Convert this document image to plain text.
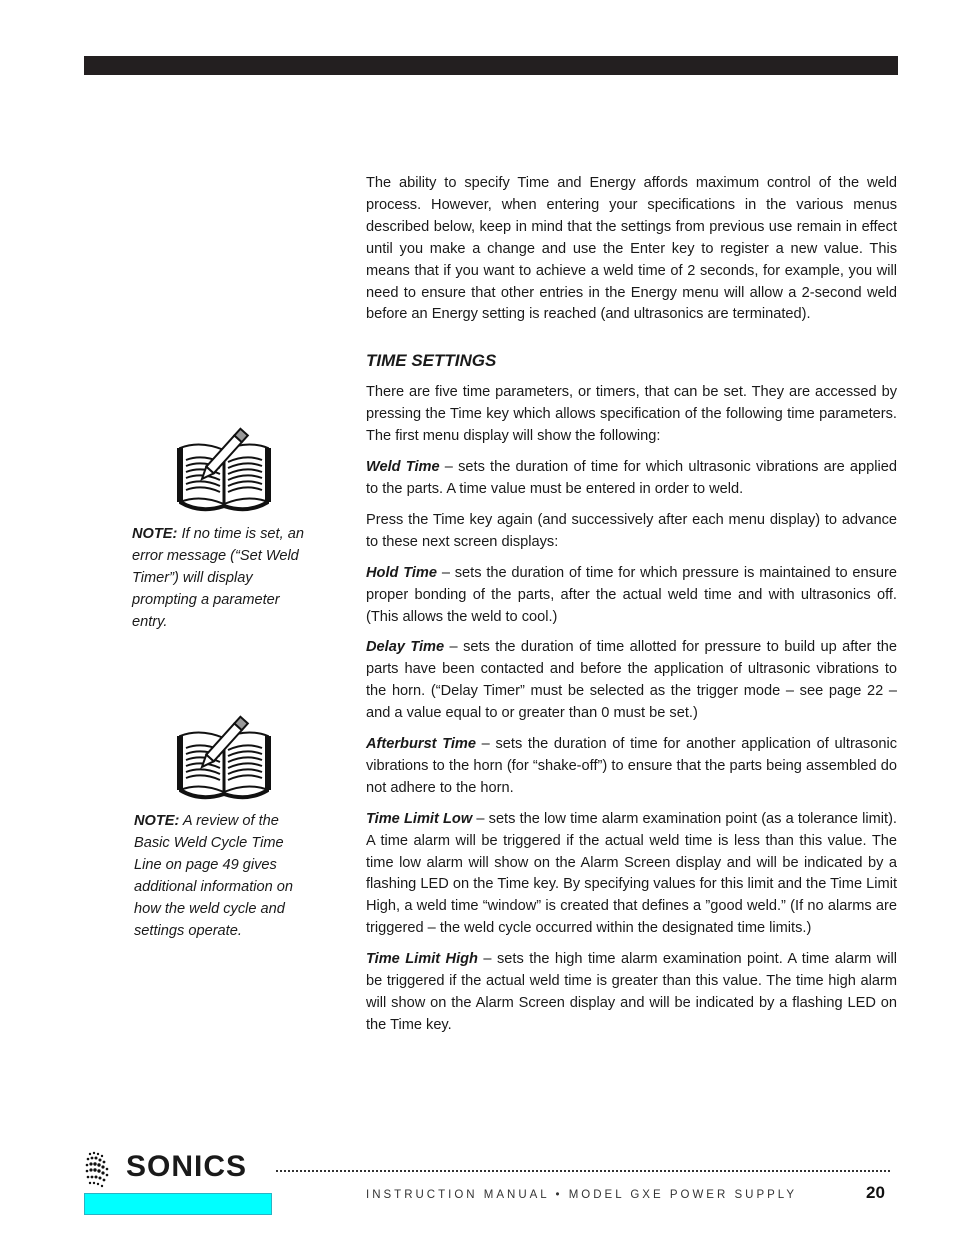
NOTE: If no time is set, an error message (“Set Weld Timer”) will display prompting a parameter entry.
NOTE: A review of the Basic Weld Cycle Time Line on page 49 gives additional information on how the weld cycle and settings operate.

The ability to specify Time and Energy affords maximum control of the weld process. However, when entering your specifications in the various menus described below, keep in mind that the settings from previous use remain in effect until you make a change and use the Enter key to register a new value. This means that if you want to achieve a weld time of 2 seconds, for example, you will need to ensure that other entries in the Energy menu will allow a 2-second weld before an Energy setting is reached (and ultrasonics are terminated).

TIME SETTINGS

There are five time parameters, or timers, that can be set. They are accessed by pressing the Time key which allows specification of the following time parameters. The first menu display will show the following:

Weld Time – sets the duration of time for which ultrasonic vibrations are applied to the parts. A time value must be entered in order to weld.

Press the Time key again (and successively after each menu display) to advance to these next screen displays:

Hold Time – sets the duration of time for which pressure is maintained to ensure proper bonding of the parts, after the actual weld time and with ultrasonics off. (This allows the weld to cool.)

Delay Time – sets the duration of time allotted for pressure to build up after the parts have been contacted and before the application of ultrasonic vibrations to the horn. (“Delay Timer” must be selected as the trigger mode – see page 22 – and a value equal to or greater than 0 must be set.)

Afterburst Time – sets the duration of time for another application of ultrasonic vibrations to the horn (for “shake-off”) to ensure that the parts being assembled do not adhere to the horn.

Time Limit Low – sets the low time alarm examination point (as a tolerance limit). A time alarm will be triggered if the actual weld time is less than this value. The time low alarm will show on the Alarm Screen display and will be indicated by a flashing LED on the Time key. By specifying values for this limit and the Time Limit High, a weld time “window” is created that defines a ”good weld.” (If no alarms are triggered – the weld cycle occurred within the designated time limits.)

Time Limit High – sets the high time alarm examination point. A time alarm will be triggered if the actual weld time is greater than this value. The time high alarm will show on the Alarm Screen display and will be indicated by a flashing LED on the Time key.

SONICS
INSTRUCTION MANUAL • MODEL GXE POWER SUPPLY	20
